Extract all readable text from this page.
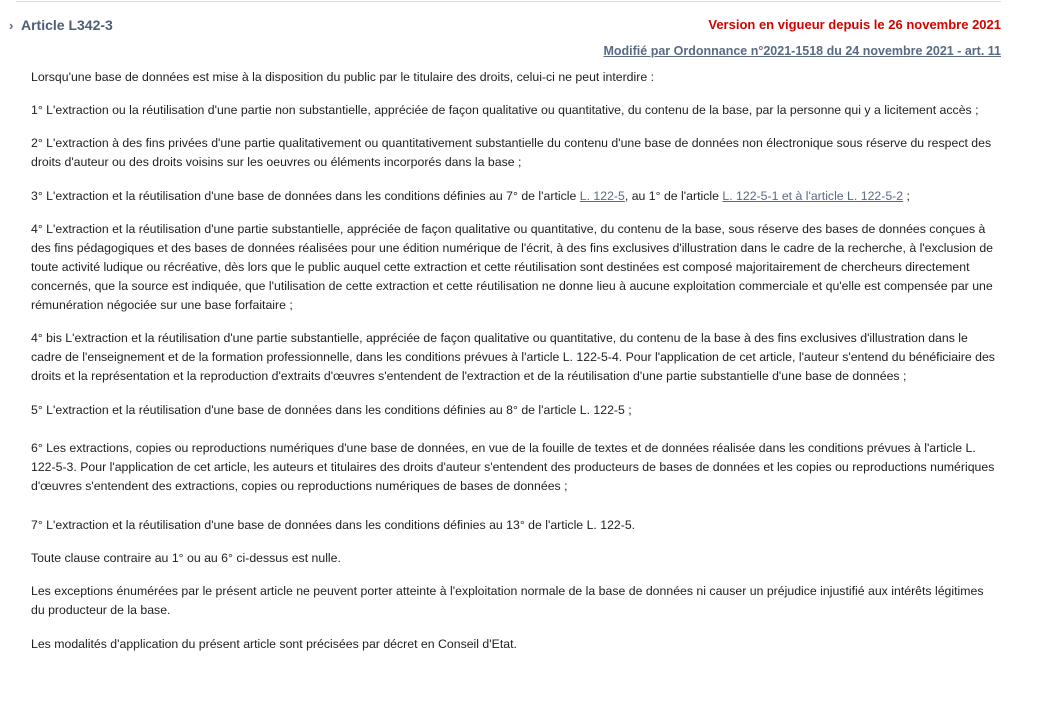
› Article L342-3	Version en vigueur depuis le 26 novembre 2021
Modifié par Ordonnance n°2021-1518 du 24 novembre 2021 - art. 11

Lorsqu'une base de données est mise à la disposition du public par le titulaire des droits, celui-ci ne peut interdire :

1° L'extraction ou la réutilisation d'une partie non substantielle, appréciée de façon qualitative ou quantitative, du contenu de la base, par la personne qui y a licitement accès ;

2° L'extraction à des fins privées d'une partie qualitativement ou quantitativement substantielle du contenu d'une base de données non électronique sous réserve du respect des droits d'auteur ou des droits voisins sur les oeuvres ou éléments incorporés dans la base ;

3° L'extraction et la réutilisation d'une base de données dans les conditions définies au 7° de l'article L. 122-5, au 1° de l'article L. 122-5-1 et à l'article L. 122-5-2 ;

4° L'extraction et la réutilisation d'une partie substantielle, appréciée de façon qualitative ou quantitative, du contenu de la base, sous réserve des bases de données conçues à des fins pédagogiques et des bases de données réalisées pour une édition numérique de l'écrit, à des fins exclusives d'illustration dans le cadre de la recherche, à l'exclusion de toute activité ludique ou récréative, dès lors que le public auquel cette extraction et cette réutilisation sont destinées est composé majoritairement de chercheurs directement concernés, que la source est indiquée, que l'utilisation de cette extraction et cette réutilisation ne donne lieu à aucune exploitation commerciale et qu'elle est compensée par une rémunération négociée sur une base forfaitaire ;

4° bis L'extraction et la réutilisation d'une partie substantielle, appréciée de façon qualitative ou quantitative, du contenu de la base à des fins exclusives d'illustration dans le cadre de l'enseignement et de la formation professionnelle, dans les conditions prévues à l'article L. 122-5-4. Pour l'application de cet article, l'auteur s'entend du bénéficiaire des droits et la représentation et la reproduction d'extraits d'œuvres s'entendent de l'extraction et de la réutilisation d'une partie substantielle d'une base de données ;

5° L'extraction et la réutilisation d'une base de données dans les conditions définies au 8° de l'article L. 122-5 ;

6° Les extractions, copies ou reproductions numériques d'une base de données, en vue de la fouille de textes et de données réalisée dans les conditions prévues à l'article L. 122-5-3. Pour l'application de cet article, les auteurs et titulaires des droits d'auteur s'entendent des producteurs de bases de données et les copies ou reproductions numériques d'œuvres s'entendent des extractions, copies ou reproductions numériques de bases de données ;

7° L'extraction et la réutilisation d'une base de données dans les conditions définies au 13° de l'article L. 122-5.

Toute clause contraire au 1° ou au 6° ci-dessus est nulle.

Les exceptions énumérées par le présent article ne peuvent porter atteinte à l'exploitation normale de la base de données ni causer un préjudice injustifié aux intérêts légitimes du producteur de la base.

Les modalités d'application du présent article sont précisées par décret en Conseil d'Etat.
